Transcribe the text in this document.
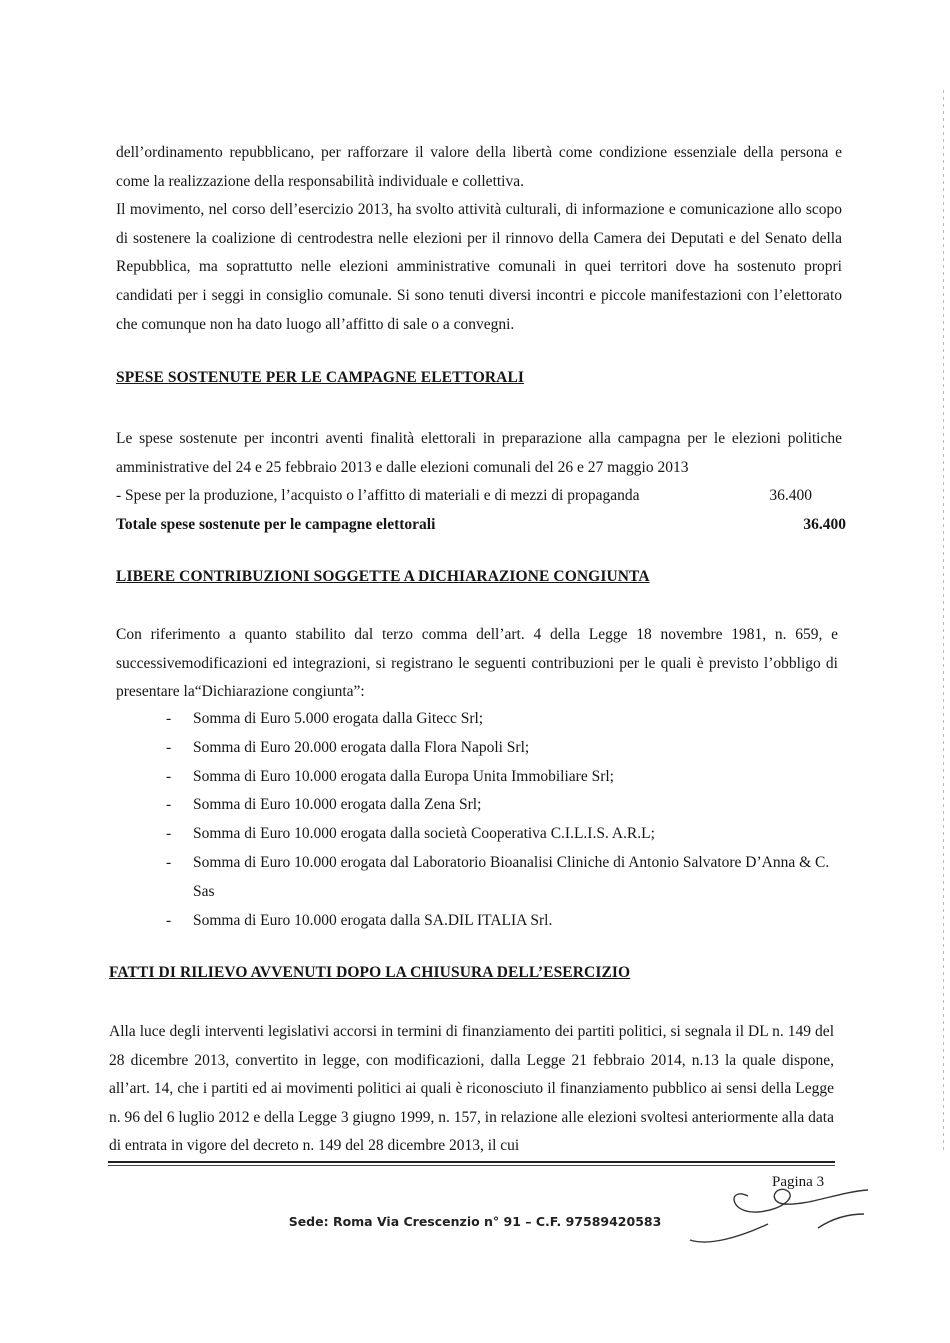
dell’ordinamento repubblicano, per rafforzare il valore della libertà come condizione essenziale della persona e come la realizzazione della responsabilità individuale e collettiva.
Il movimento, nel corso dell’esercizio 2013, ha svolto attività culturali, di informazione e comunicazione allo scopo di sostenere la coalizione di centrodestra nelle elezioni per il rinnovo della Camera dei Deputati e del Senato della Repubblica, ma soprattutto nelle elezioni amministrative comunali in quei territori dove ha sostenuto propri candidati per i seggi in consiglio comunale. Si sono tenuti diversi incontri e piccole manifestazioni con l’elettorato che comunque non ha dato luogo all’affitto di sale o a convegni.
SPESE SOSTENUTE PER LE CAMPAGNE ELETTORALI
Le spese sostenute per incontri aventi finalità elettorali in preparazione alla campagna per le elezioni politiche amministrative del 24 e 25 febbraio 2013 e dalle elezioni comunali del 26 e 27 maggio 2013
- Spese per la produzione, l’acquisto o l’affitto di materiali e di mezzi di propaganda	36.400
Totale spese sostenute per le campagne elettorali	36.400
LIBERE CONTRIBUZIONI SOGGETTE A DICHIARAZIONE CONGIUNTA
Con riferimento a quanto stabilito dal terzo comma dell’art. 4 della Legge 18 novembre 1981, n. 659, e successivemodificazioni ed integrazioni, si registrano le seguenti contribuzioni per le quali è previsto l’obbligo di presentare la“Dichiarazione congiunta”:
- Somma di Euro 5.000 erogata dalla Gitecc Srl;
- Somma di Euro 20.000 erogata dalla Flora Napoli Srl;
- Somma di Euro 10.000 erogata dalla Europa Unita Immobiliare Srl;
- Somma di Euro 10.000 erogata dalla Zena Srl;
- Somma di Euro 10.000 erogata dalla società Cooperativa C.I.L.I.S. A.R.L;
- Somma di Euro 10.000 erogata dal Laboratorio Bioanalisi Cliniche di Antonio Salvatore D’Anna & C. Sas
- Somma di Euro 10.000 erogata dalla SA.DIL ITALIA Srl.
FATTI DI RILIEVO AVVENUTI DOPO LA CHIUSURA DELL’ESERCIZIO
Alla luce degli interventi legislativi accorsi in termini di finanziamento dei partiti politici, si segnala il DL n. 149 del 28 dicembre 2013, convertito in legge, con modificazioni, dalla Legge 21 febbraio 2014, n.13 la quale dispone, all’art. 14, che i partiti ed ai movimenti politici ai quali è riconosciuto il finanziamento pubblico ai sensi della Legge n. 96 del 6 luglio 2012 e della Legge 3 giugno 1999, n. 157, in relazione alle elezioni svoltesi anteriormente alla data di entrata in vigore del decreto n. 149 del 28 dicembre 2013, il cui
Pagina 3
Sede: Roma Via Crescenzio n° 91 – C.F. 97589420583
